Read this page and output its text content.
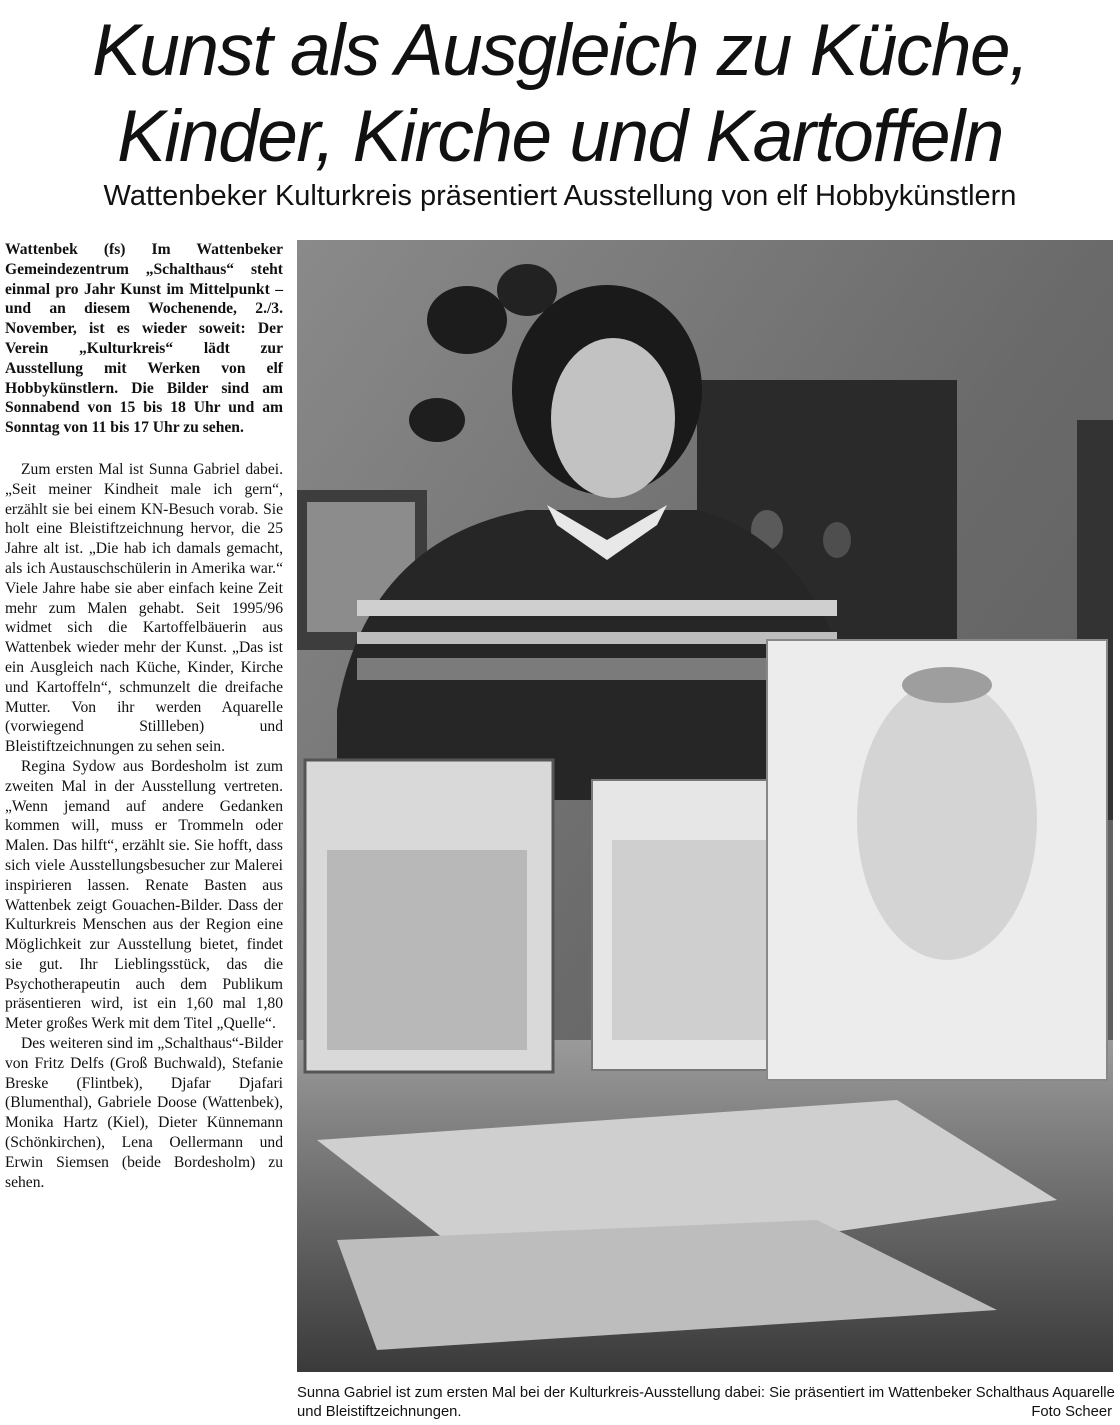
Kunst als Ausgleich zu Küche,
Kinder, Kirche und Kartoffeln
Wattenbeker Kulturkreis präsentiert Ausstellung von elf Hobbykünstlern

Wattenbek (fs) Im Wattenbeker Gemeindezentrum „Schalthaus“ steht einmal pro Jahr Kunst im Mittelpunkt – und an diesem Wochenende, 2./3. November, ist es wieder soweit: Der Verein „Kulturkreis“ lädt zur Ausstellung mit Werken von elf Hobbykünstlern. Die Bilder sind am Sonnabend von 15 bis 18 Uhr und am Sonntag von 11 bis 17 Uhr zu sehen.

Zum ersten Mal ist Sunna Gabriel dabei. „Seit meiner Kindheit male ich gern“, erzählt sie bei einem KN-Besuch vorab. Sie holt eine Bleistiftzeichnung hervor, die 25 Jahre alt ist. „Die hab ich damals gemacht, als ich Austauschschülerin in Amerika war.“ Viele Jahre habe sie aber einfach keine Zeit mehr zum Malen gehabt. Seit 1995/96 widmet sich die Kartoffelbäuerin aus Wattenbek wieder mehr der Kunst. „Das ist ein Ausgleich nach Küche, Kinder, Kirche und Kartoffeln“, schmunzelt die dreifache Mutter. Von ihr werden Aquarelle (vorwiegend Stillleben) und Bleistiftzeichnungen zu sehen sein.

Regina Sydow aus Bordesholm ist zum zweiten Mal in der Ausstellung vertreten. „Wenn jemand auf andere Gedanken kommen will, muss er Trommeln oder Malen. Das hilft“, erzählt sie. Sie hofft, dass sich viele Ausstellungsbesucher zur Malerei inspirieren lassen. Renate Basten aus Wattenbek zeigt Gouachen-Bilder. Dass der Kulturkreis Menschen aus der Region eine Möglichkeit zur Ausstellung bietet, findet sie gut. Ihr Lieblingsstück, das die Psychotherapeutin auch dem Publikum präsentieren wird, ist ein 1,60 mal 1,80 Meter großes Werk mit dem Titel „Quelle“.

Des weiteren sind im „Schalthaus“-Bilder von Fritz Delfs (Groß Buchwald), Stefanie Breske (Flintbek), Djafar Djafari (Blumenthal), Gabriele Doose (Wattenbek), Monika Hartz (Kiel), Dieter Künnemann (Schönkirchen), Lena Oellermann und Erwin Siemsen (beide Bordesholm) zu sehen.

Sunna Gabriel ist zum ersten Mal bei der Kulturkreis-Ausstellung dabei: Sie präsentiert im Wattenbeker Schalthaus Aquarelle und Bleistiftzeichnungen.	Foto Scheer
